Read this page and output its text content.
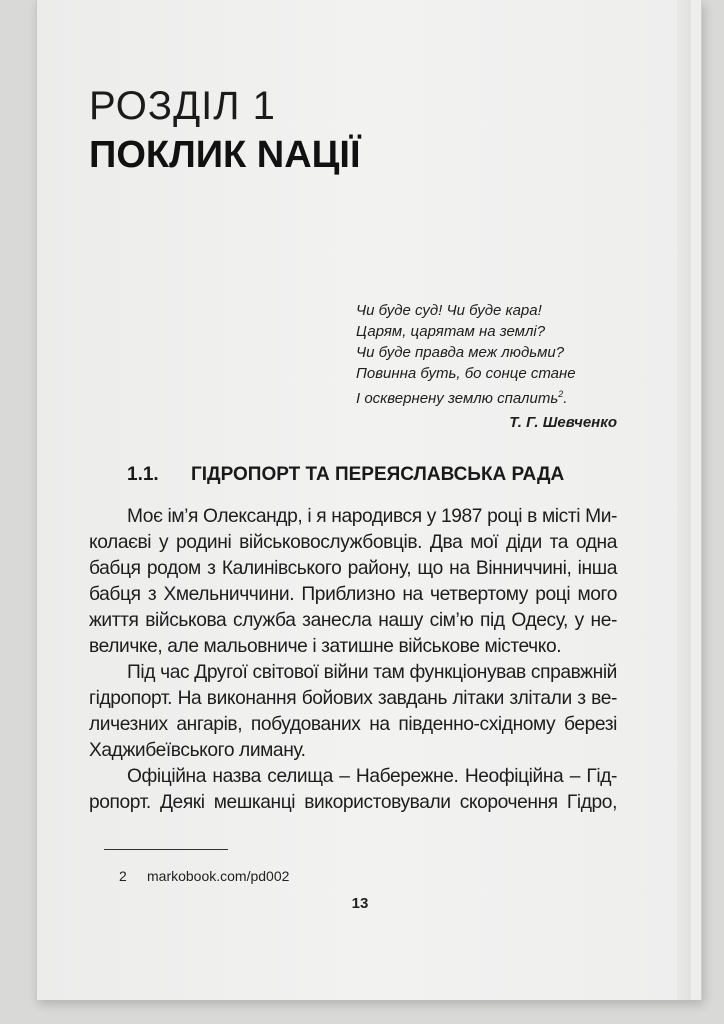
РОЗДІЛ 1
ПОКЛИК NАЦІЇ
Чи буде суд! Чи буде кара!
Царям, царятам на землі?
Чи буде правда меж людьми?
Повинна буть, бо сонце стане
І осквернену землю спалить$^2$.
Т. Г. Шевченко
1.1. ГІДРОПОРТ ТА ПЕРЕЯСЛАВСЬКА РАДА

Моє ім’я Олександр, і я народився у 1987 році в місті Ми-
колаєві у родині військовослужбовців. Два мої діди та одна
бабця родом з Калинівського району, що на Вінниччині, інша
бабця з Хмельниччини. Приблизно на четвертому році мого
життя військова служба занесла нашу сім’ю під Одесу, у не-
величке, але мальовниче і затишне військове містечко.

Під час Другої світової війни там функціонував справжній
гідропорт. На виконання бойових завдань літаки злітали з ве-
личезних ангарів, побудованих на південно-східному березі
Хаджибеївського лиману.

Офіційна назва селища – Набережне. Неофіційна – Гід-
ропорт. Деякі мешканці використовували скорочення Гідро,

2 markobook.com/pd002
13
